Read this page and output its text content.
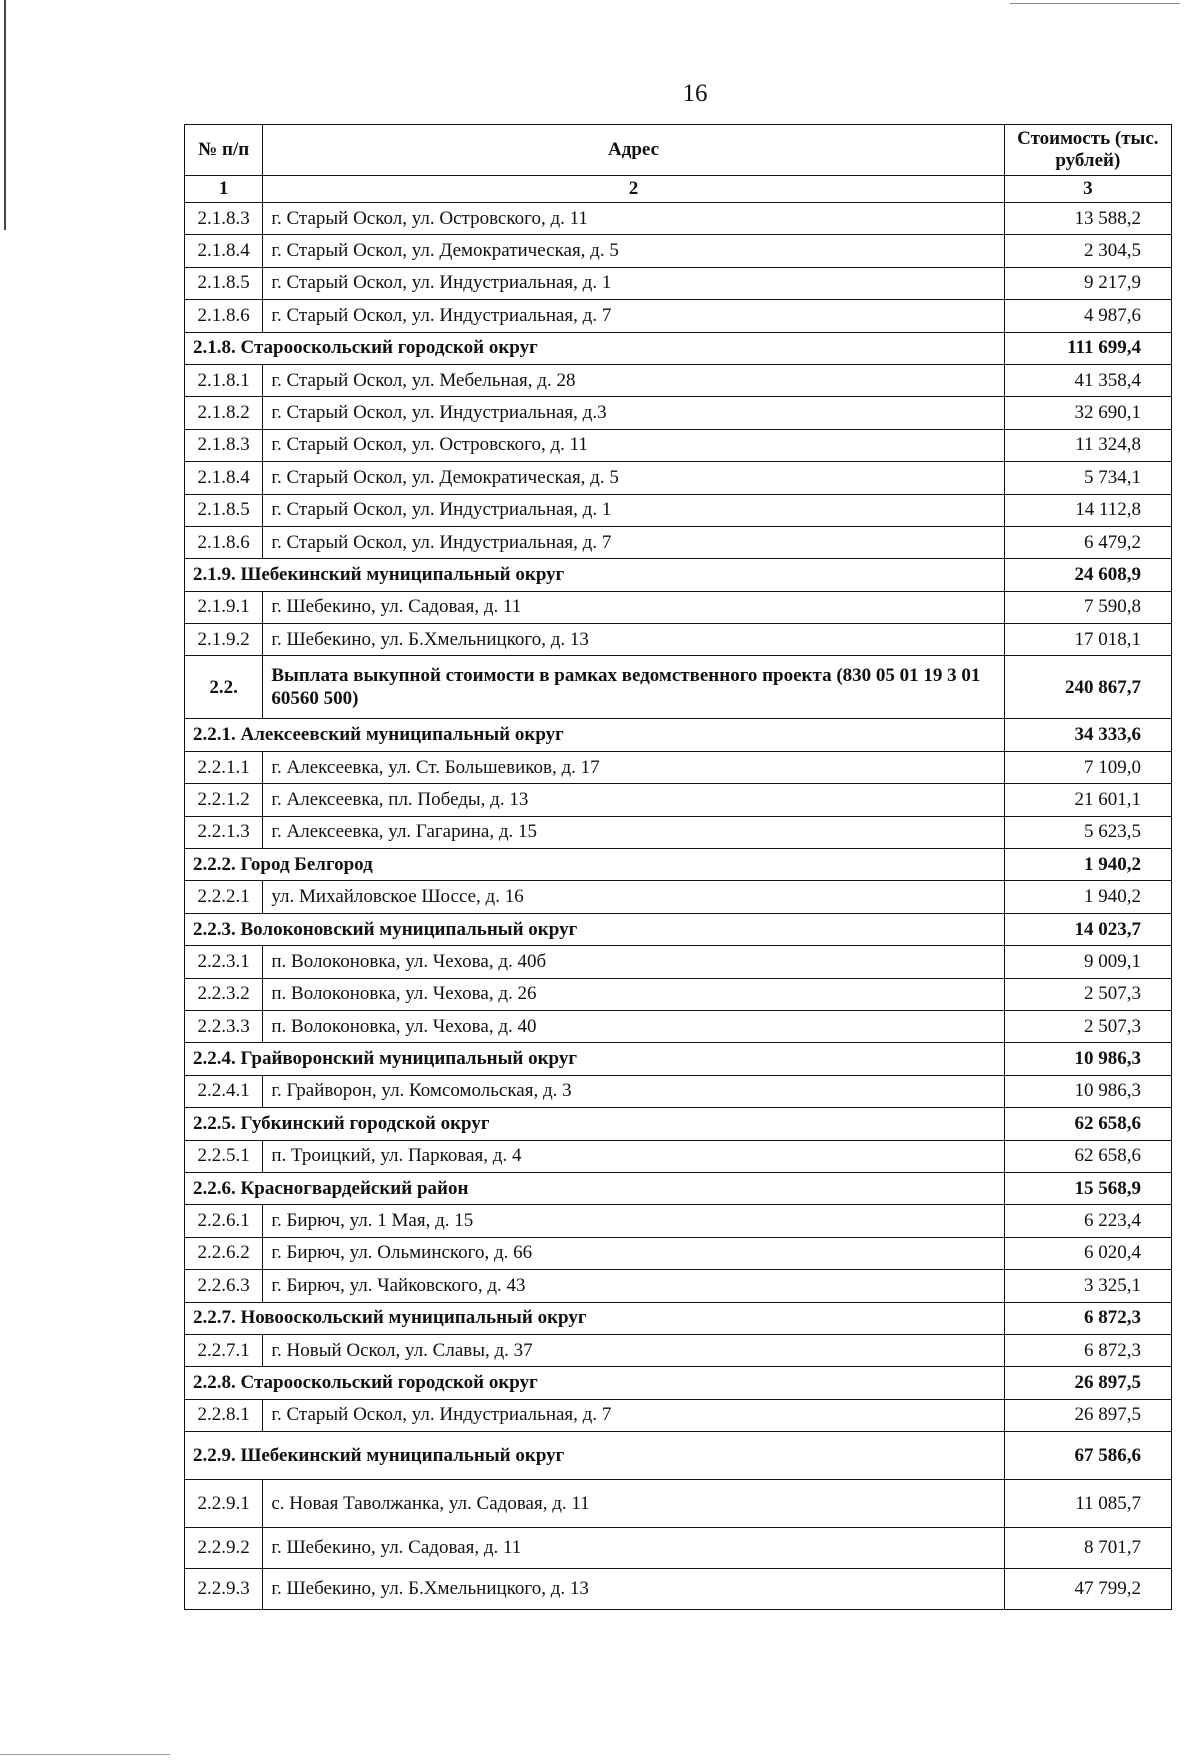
16
№ п/п	Адрес	Стоимость (тыс. рублей)
1	2	3
2.1.8.3	г. Старый Оскол, ул. Островского, д. 11	13 588,2
2.1.8.4	г. Старый Оскол, ул. Демократическая, д. 5	2 304,5
2.1.8.5	г. Старый Оскол, ул. Индустриальная, д. 1	9 217,9
2.1.8.6	г. Старый Оскол, ул. Индустриальная, д. 7	4 987,6
2.1.8. Старооскольский городской округ		111 699,4
2.1.8.1	г. Старый Оскол, ул. Мебельная, д. 28	41 358,4
2.1.8.2	г. Старый Оскол, ул. Индустриальная, д.3	32 690,1
2.1.8.3	г. Старый Оскол, ул. Островского, д. 11	11 324,8
2.1.8.4	г. Старый Оскол, ул. Демократическая, д. 5	5 734,1
2.1.8.5	г. Старый Оскол, ул. Индустриальная, д. 1	14 112,8
2.1.8.6	г. Старый Оскол, ул. Индустриальная, д. 7	6 479,2
2.1.9. Шебекинский муниципальный округ		24 608,9
2.1.9.1	г. Шебекино, ул. Садовая, д. 11	7 590,8
2.1.9.2	г. Шебекино, ул. Б.Хмельницкого, д. 13	17 018,1
2.2.	Выплата выкупной стоимости в рамках ведомственного проекта (830 05 01 19 3 01 60560 500)	240 867,7
2.2.1. Алексеевский муниципальный округ		34 333,6
2.2.1.1	г. Алексеевка, ул. Ст. Большевиков, д. 17	7 109,0
2.2.1.2	г. Алексеевка, пл. Победы, д. 13	21 601,1
2.2.1.3	г. Алексеевка, ул. Гагарина, д. 15	5 623,5
2.2.2. Город Белгород		1 940,2
2.2.2.1	ул. Михайловское Шоссе, д. 16	1 940,2
2.2.3. Волоконовский муниципальный округ		14 023,7
2.2.3.1	п. Волоконовка, ул. Чехова, д. 40б	9 009,1
2.2.3.2	п. Волоконовка, ул. Чехова, д. 26	2 507,3
2.2.3.3	п. Волоконовка, ул. Чехова, д. 40	2 507,3
2.2.4. Грайворонский муниципальный округ		10 986,3
2.2.4.1	г. Грайворон, ул. Комсомольская, д. 3	10 986,3
2.2.5. Губкинский городской округ		62 658,6
2.2.5.1	п. Троицкий, ул. Парковая, д. 4	62 658,6
2.2.6. Красногвардейский район		15 568,9
2.2.6.1	г. Бирюч, ул. 1 Мая, д. 15	6 223,4
2.2.6.2	г. Бирюч, ул. Ольминского, д. 66	6 020,4
2.2.6.3	г. Бирюч, ул. Чайковского, д. 43	3 325,1
2.2.7. Новооскольский муниципальный округ		6 872,3
2.2.7.1	г. Новый Оскол, ул. Славы, д. 37	6 872,3
2.2.8. Старооскольский городской округ		26 897,5
2.2.8.1	г. Старый Оскол, ул. Индустриальная, д. 7	26 897,5
2.2.9. Шебекинский муниципальный округ		67 586,6
2.2.9.1	с. Новая Таволжанка, ул. Садовая, д. 11	11 085,7
2.2.9.2	г. Шебекино, ул. Садовая, д. 11	8 701,7
2.2.9.3	г. Шебекино, ул. Б.Хмельницкого, д. 13	47 799,2
